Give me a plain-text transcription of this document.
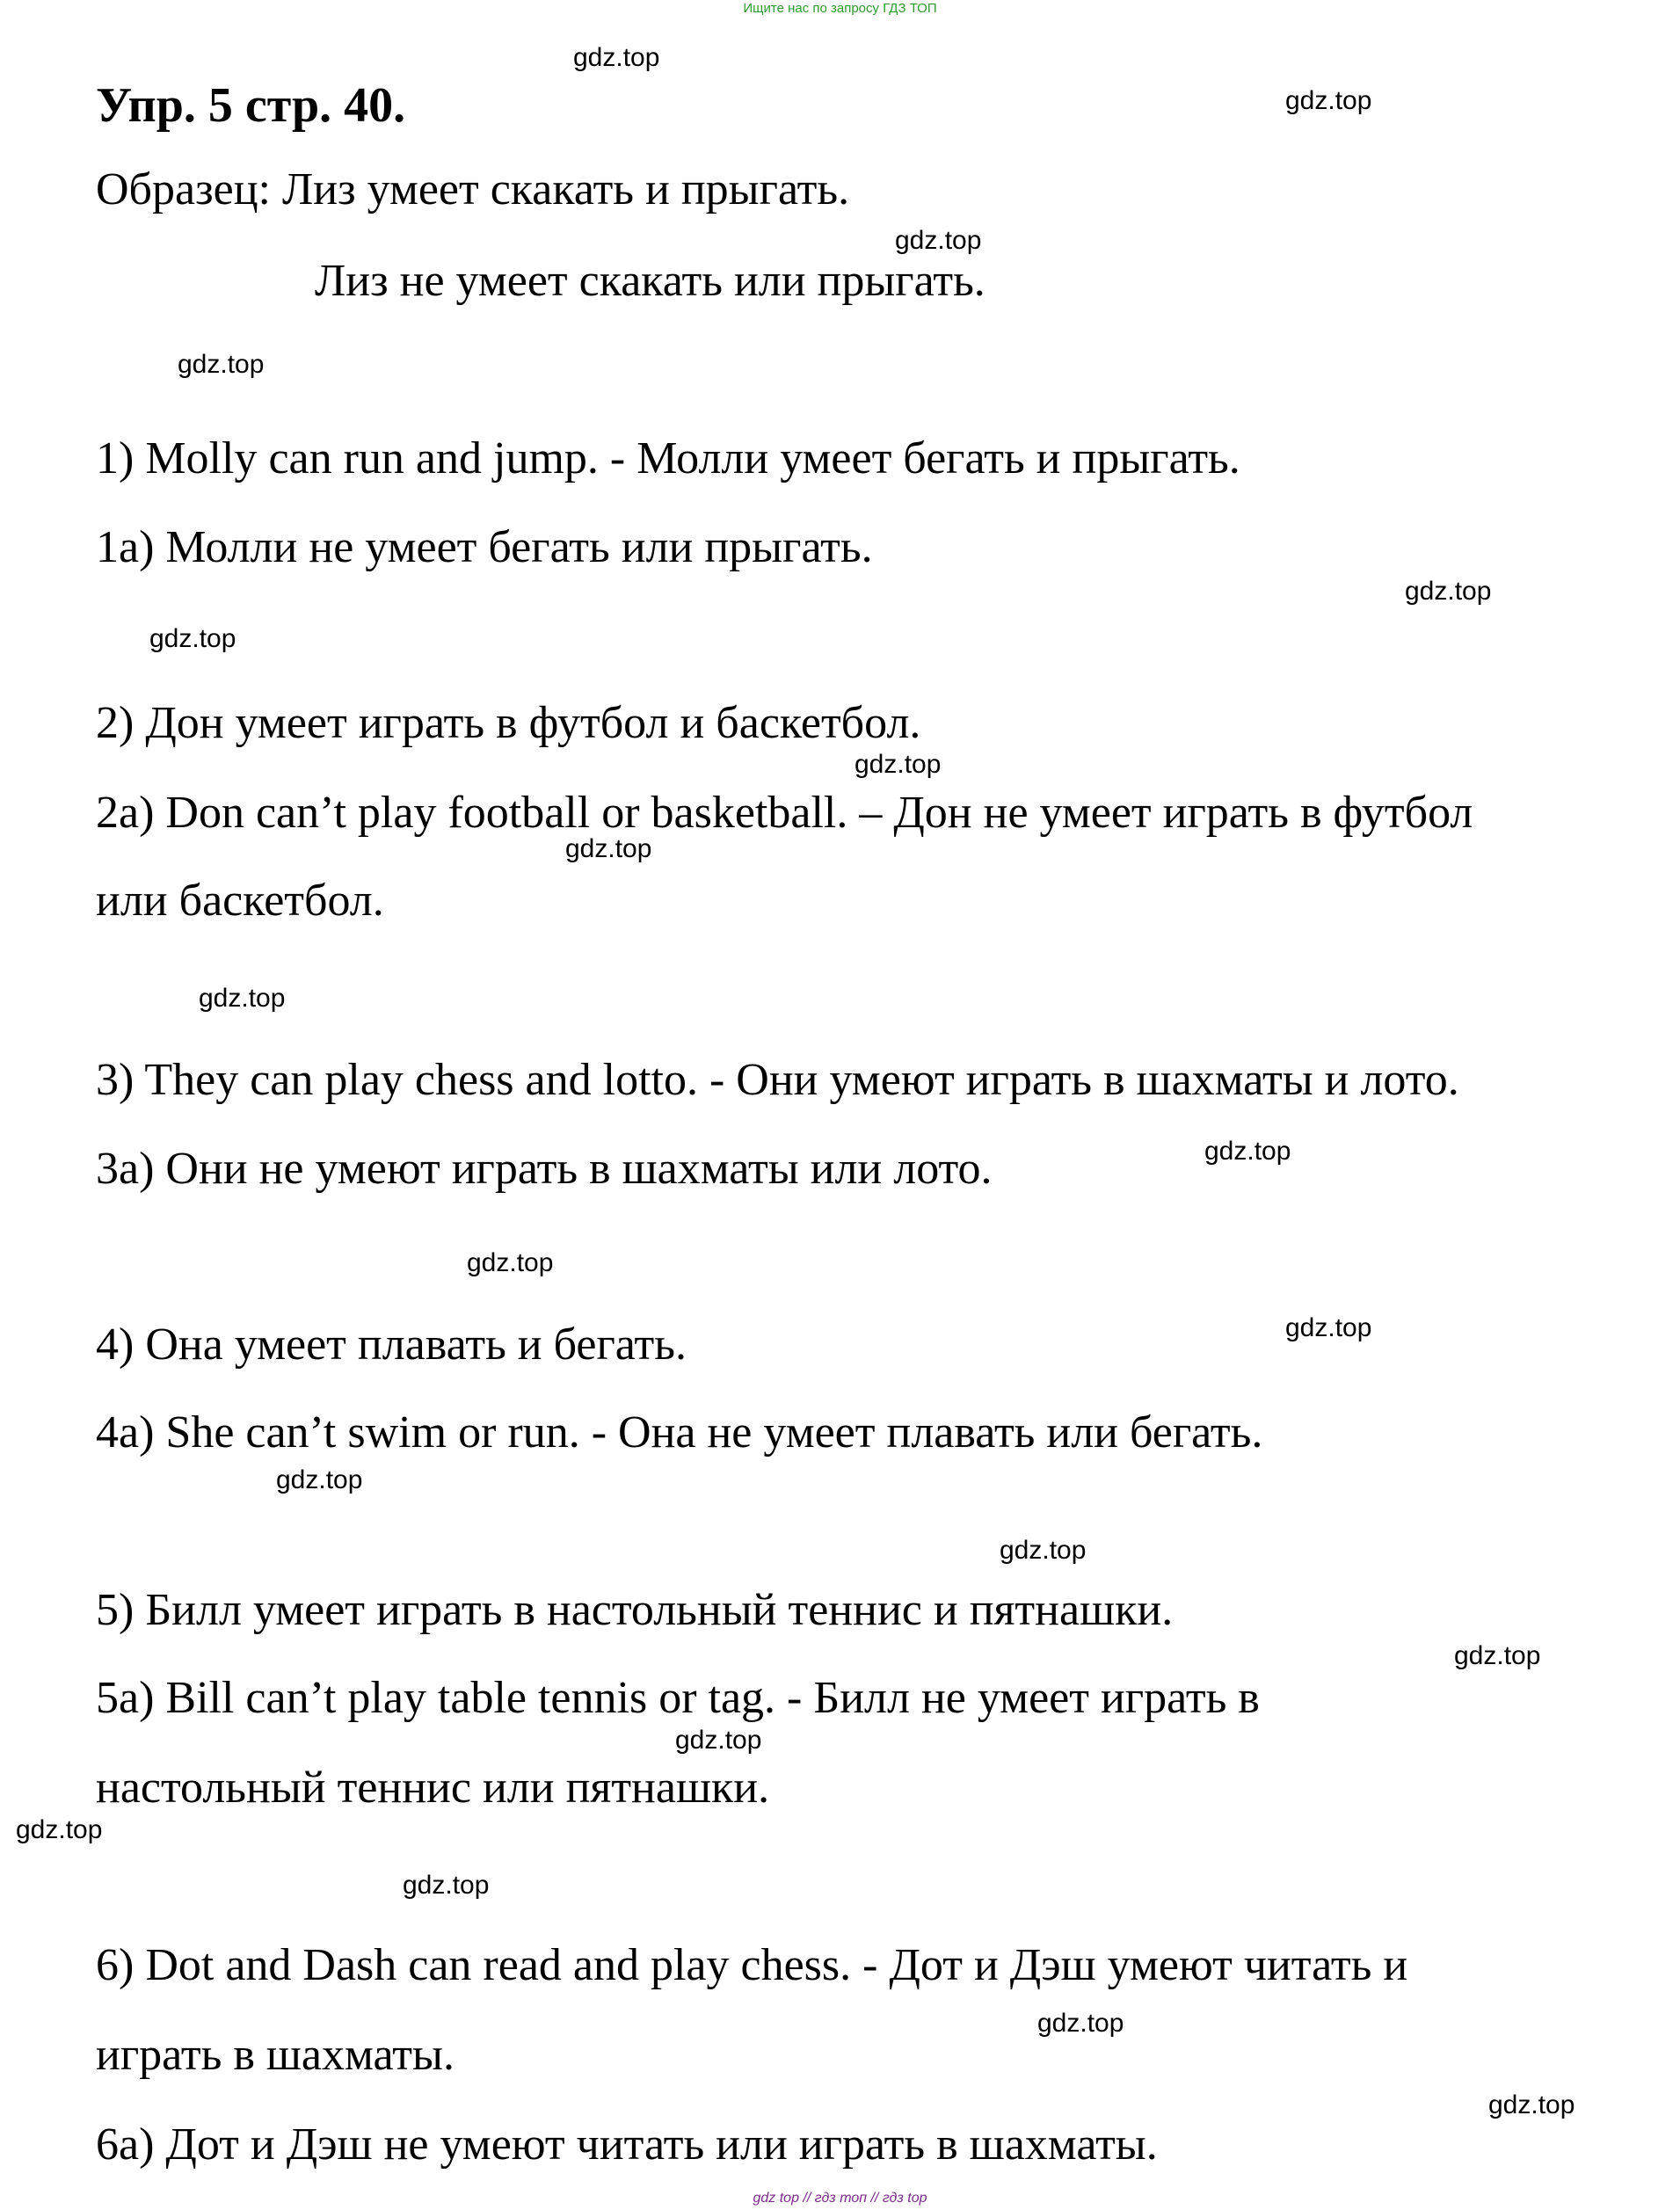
Ищите нас по запросу ГДЗ ТОП
Упр. 5 стр. 40.
Образец: Лиз умеет скакать и прыгать.
Лиз не умеет скакать или прыгать.
1) Molly can run and jump. - Молли умеет бегать и прыгать.
1a) Молли не умеет бегать или прыгать.
2) Дон умеет играть в футбол и баскетбол.
2a) Don can’t play football or basketball. – Дон не умеет играть в футбол
или баскетбол.
3) They can play chess and lotto. - Они умеют играть в шахматы и лото.
3a) Они не умеют играть в шахматы или лото.
4) Она умеет плавать и бегать.
4a) She can’t swim or run. - Она не умеет плавать или бегать.
5) Билл умеет играть в настольный теннис и пятнашки.
5a) Bill can’t play table tennis or tag. - Билл не умеет играть в
настольный теннис или пятнашки.
6) Dot and Dash can read and play chess. - Дот и Дэш умеют читать и
играть в шахматы.
6a) Дот и Дэш не умеют читать или играть в шахматы.
gdz.top
gdz.top
gdz.top
gdz.top
gdz.top
gdz.top
gdz.top
gdz.top
gdz.top
gdz.top
gdz.top
gdz.top
gdz.top
gdz.top
gdz.top
gdz.top
gdz.top
gdz.top
gdz.top
gdz.top
gdz top // гдз топ // гдз top
